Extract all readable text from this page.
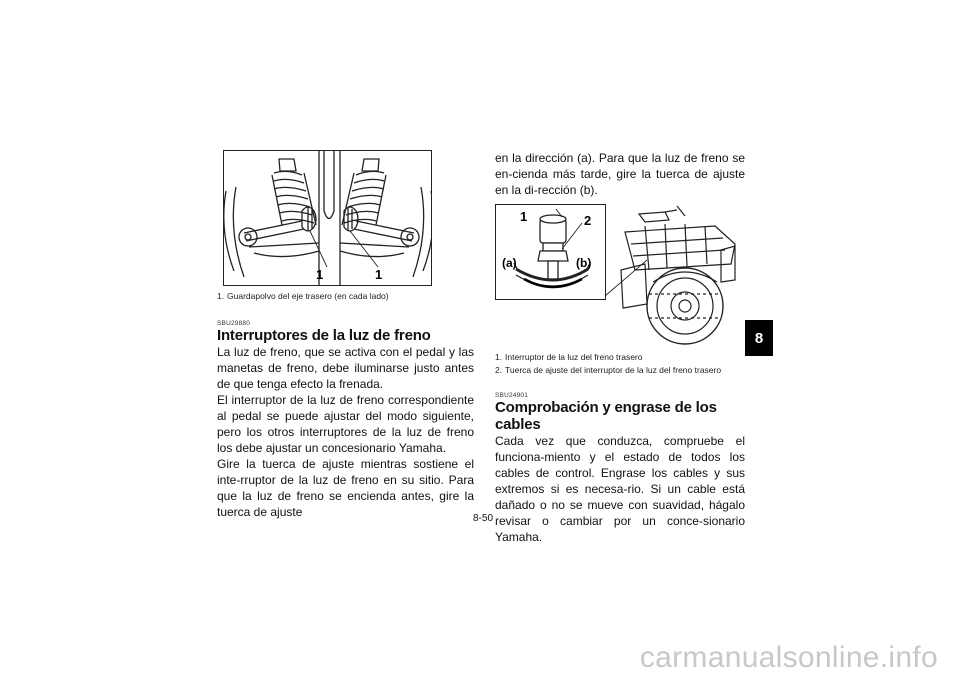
1	1
1. Guardapolvo del eje trasero (en cada lado)
SBU29880
Interruptores de la luz de freno

La luz de freno, que se activa con el pedal y las manetas de freno, debe iluminarse justo antes de que tenga efecto la frenada.

El interruptor de la luz de freno correspondiente al pedal se puede ajustar del modo siguiente, pero los otros interruptores de la luz de freno los debe ajustar un concesionario Yamaha.

Gire la tuerca de ajuste mientras sostiene el inte-rruptor de la luz de freno en su sitio. Para que la luz de freno se encienda antes, gire la tuerca de ajuste

en la dirección (a). Para que la luz de freno se en-cienda más tarde, gire la tuerca de ajuste en la di-rección (b).

1	2
(a)	(b)
1. Interruptor de la luz del freno trasero
2. Tuerca de ajuste del interruptor de la luz del freno trasero
SBU24901
Comprobación y engrase de los cables

Cada vez que conduzca, compruebe el funciona-miento y el estado de todos los cables de control. Engrase los cables y sus extremos si es necesa-rio. Si un cable está dañado o no se mueve con suavidad, hágalo revisar o cambiar por un conce-sionario Yamaha.

8
8-50
carmanualsonline.info
